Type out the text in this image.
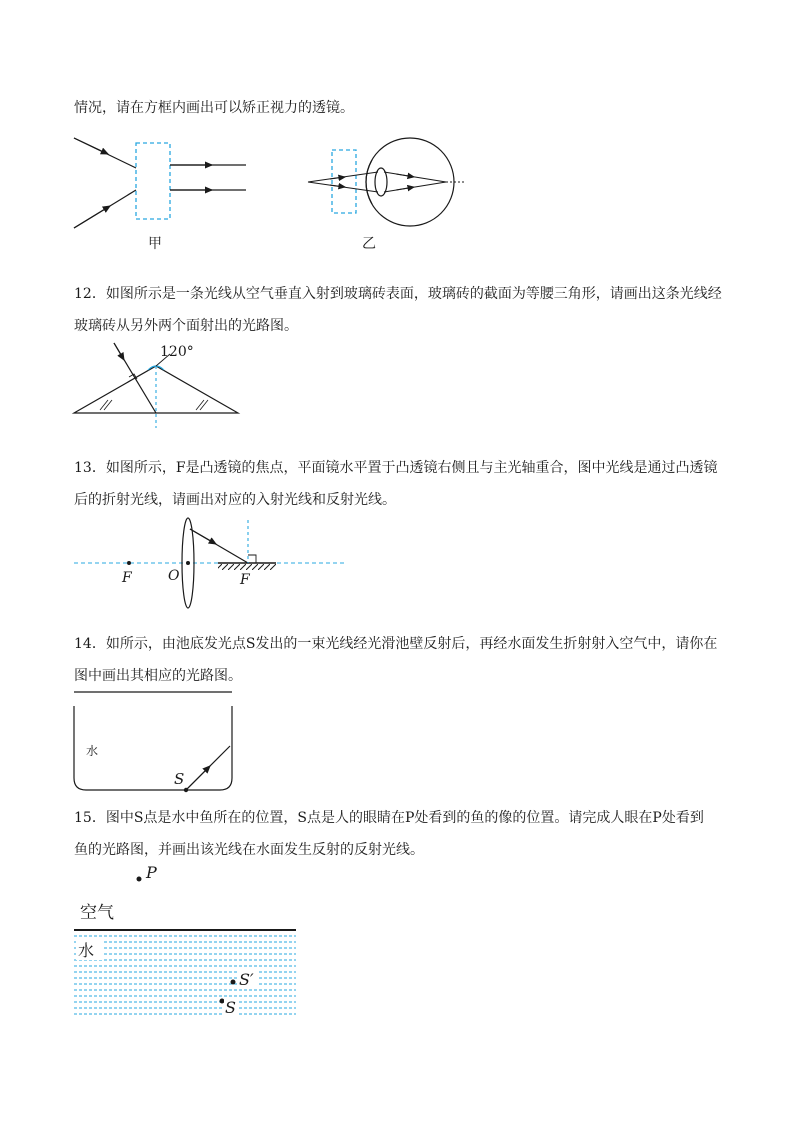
情况，请在方框内画出可以矫正视力的透镜。
甲	乙
12．如图所示是一条光线从空气垂直入射到玻璃砖表面，玻璃砖的截面为等腰三角形，请画出这条光线经
玻璃砖从另外两个面射出的光路图。
120°
13．如图所示，F是凸透镜的焦点，平面镜水平置于凸透镜右侧且与主光轴重合，图中光线是通过凸透镜
后的折射光线，请画出对应的入射光线和反射光线。
F	O	F
14．如所示，由池底发光点S发出的一束光线经光滑池壁反射后，再经水面发生折射射入空气中，请你在
图中画出其相应的光路图。
水
S
15．图中S点是水中鱼所在的位置，S点是人的眼睛在P处看到的鱼的像的位置。请完成人眼在P处看到
鱼的光路图，并画出该光线在水面发生反射的反射光线。
P
空气
水
S′
S
